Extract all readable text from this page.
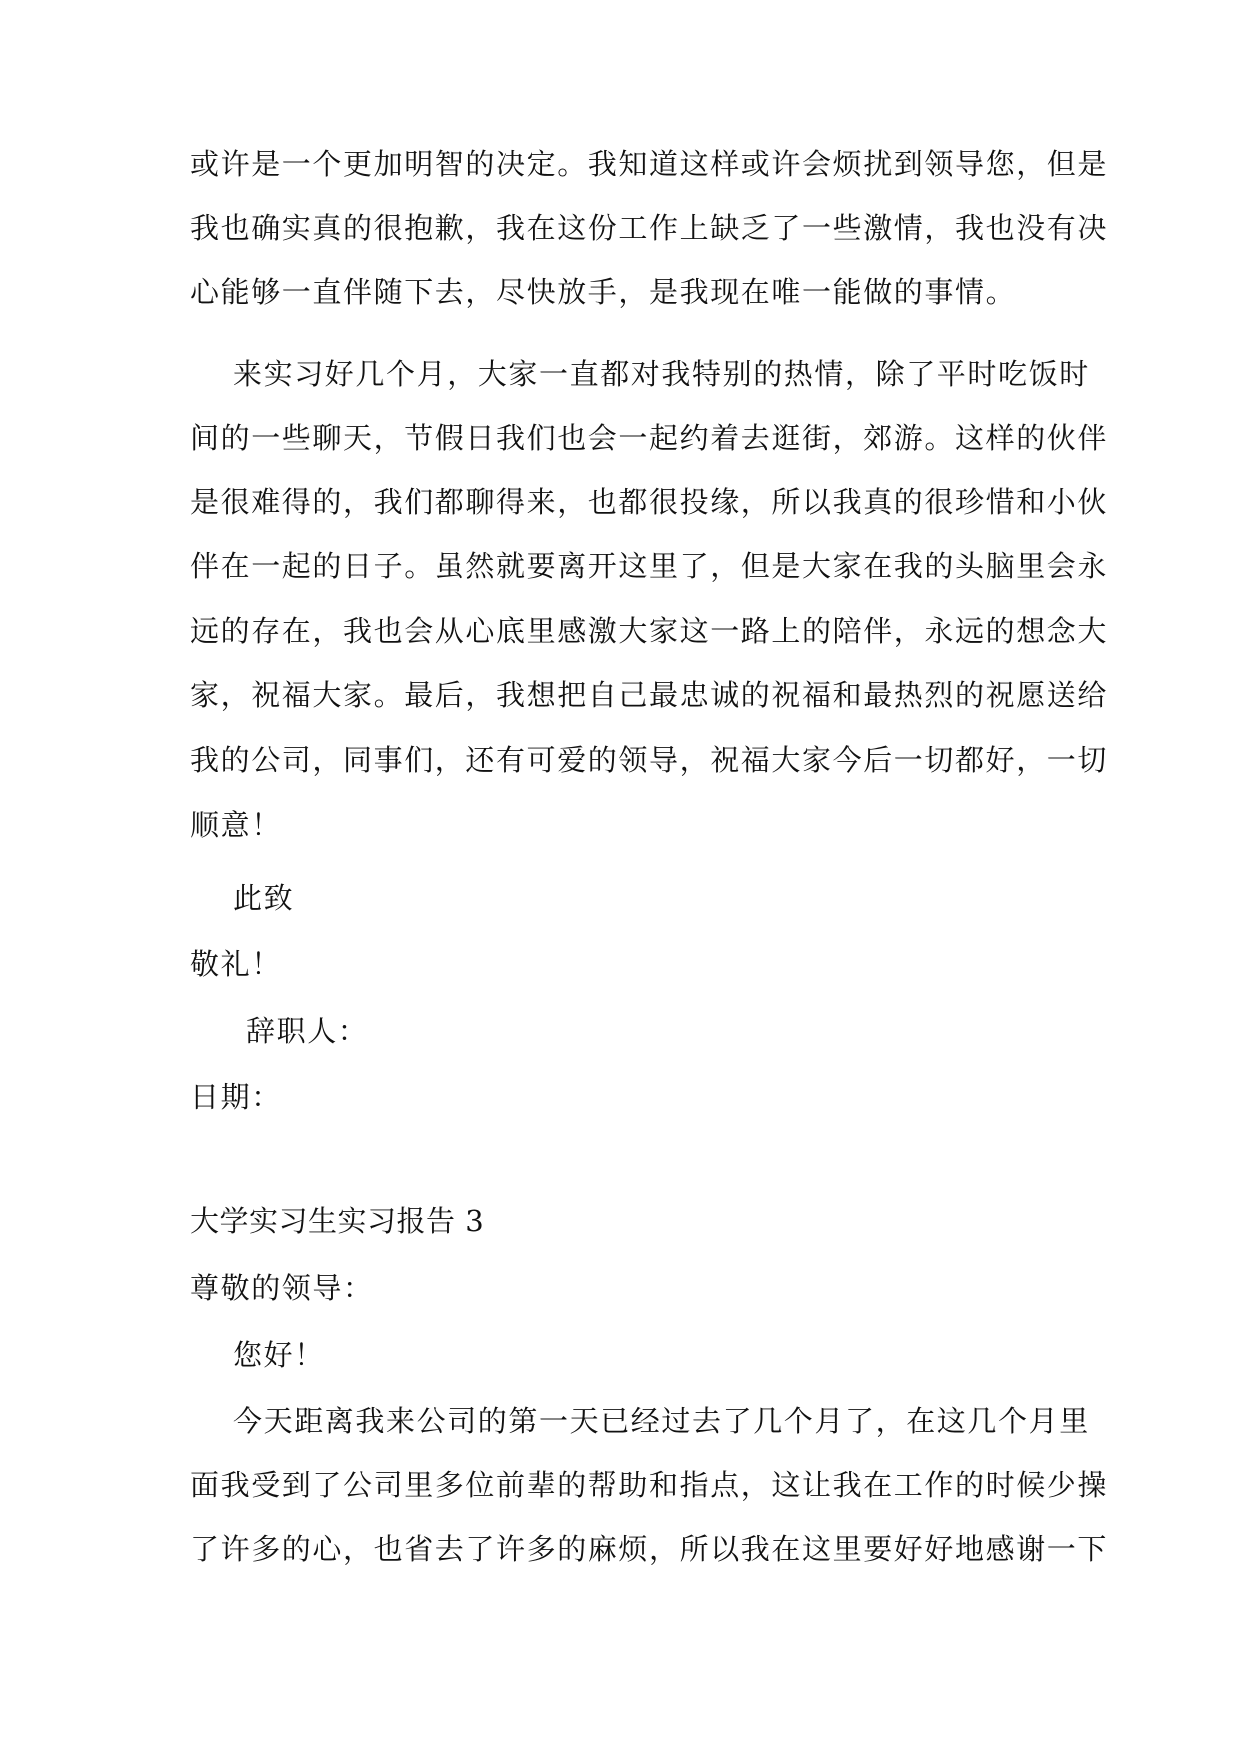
或许是一个更加明智的决定。我知道这样或许会烦扰到领导您，但是
我也确实真的很抱歉，我在这份工作上缺乏了一些激情，我也没有决
心能够一直伴随下去，尽快放手，是我现在唯一能做的事情。
来实习好几个月，大家一直都对我特别的热情，除了平时吃饭时
间的一些聊天，节假日我们也会一起约着去逛街，郊游。这样的伙伴
是很难得的，我们都聊得来，也都很投缘，所以我真的很珍惜和小伙
伴在一起的日子。虽然就要离开这里了，但是大家在我的头脑里会永
远的存在，我也会从心底里感激大家这一路上的陪伴，永远的想念大
家，祝福大家。最后，我想把自己最忠诚的祝福和最热烈的祝愿送给
我的公司，同事们，还有可爱的领导，祝福大家今后一切都好，一切
顺意！
此致
敬礼！
辞职人：
日期：
大学实习生实习报告 3
尊敬的领导：
您好！
今天距离我来公司的第一天已经过去了几个月了，在这几个月里
面我受到了公司里多位前辈的帮助和指点，这让我在工作的时候少操
了许多的心，也省去了许多的麻烦，所以我在这里要好好地感谢一下
